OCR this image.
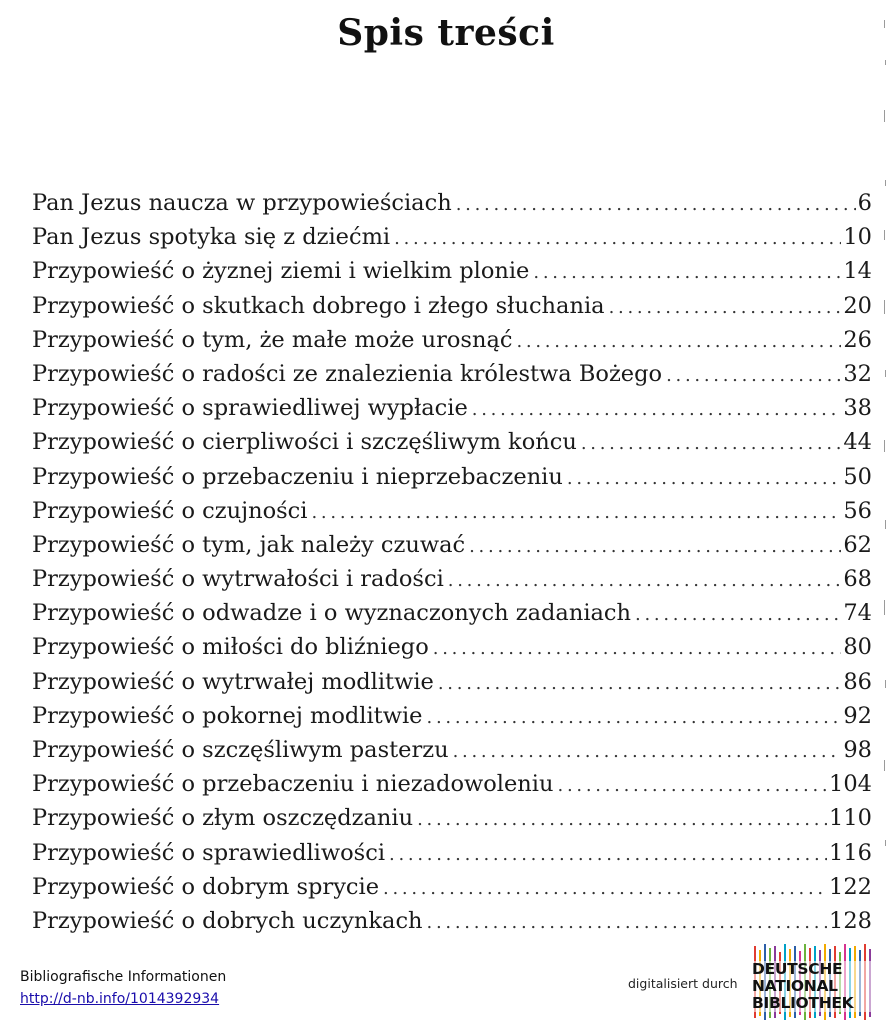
Spis treści
Pan Jezus naucza w przypowieściach . . .	6
Pan Jezus spotyka się z dziećmi . . .	10
Przypowieść o żyznej ziemi i wielkim plonie . . .	14
Przypowieść o skutkach dobrego i złego słuchania . . .	20
Przypowieść o tym, że małe może urosnąć . . .	26
Przypowieść o radości ze znalezienia królestwa Bożego . . .	32
Przypowieść o sprawiedliwej wypłacie . . .	38
Przypowieść o cierpliwości i szczęśliwym końcu . . .	44
Przypowieść o przebaczeniu i nieprzebaczeniu . . .	50
Przypowieść o czujności . . .	56
Przypowieść o tym, jak należy czuwać . . .	62
Przypowieść o wytrwałości i radości . . .	68
Przypowieść o odwadze i o wyznaczonych zadaniach . . .	74
Przypowieść o miłości do bliźniego . . .	80
Przypowieść o wytrwałej modlitwie . . .	86
Przypowieść o pokornej modlitwie . . .	92
Przypowieść o szczęśliwym pasterzu . . .	98
Przypowieść o przebaczeniu i niezadowoleniu . . .	104
Przypowieść o złym oszczędzaniu . . .	110
Przypowieść o sprawiedliwości . . .	116
Przypowieść o dobrym sprycie . . .	122
Przypowieść o dobrych uczynkach . . .	128
Bibliografische Informationen
http://d-nb.info/1014392934
digitalisiert durch
DEUTSCHE
NATIONAL
BIBLIOTHEK
